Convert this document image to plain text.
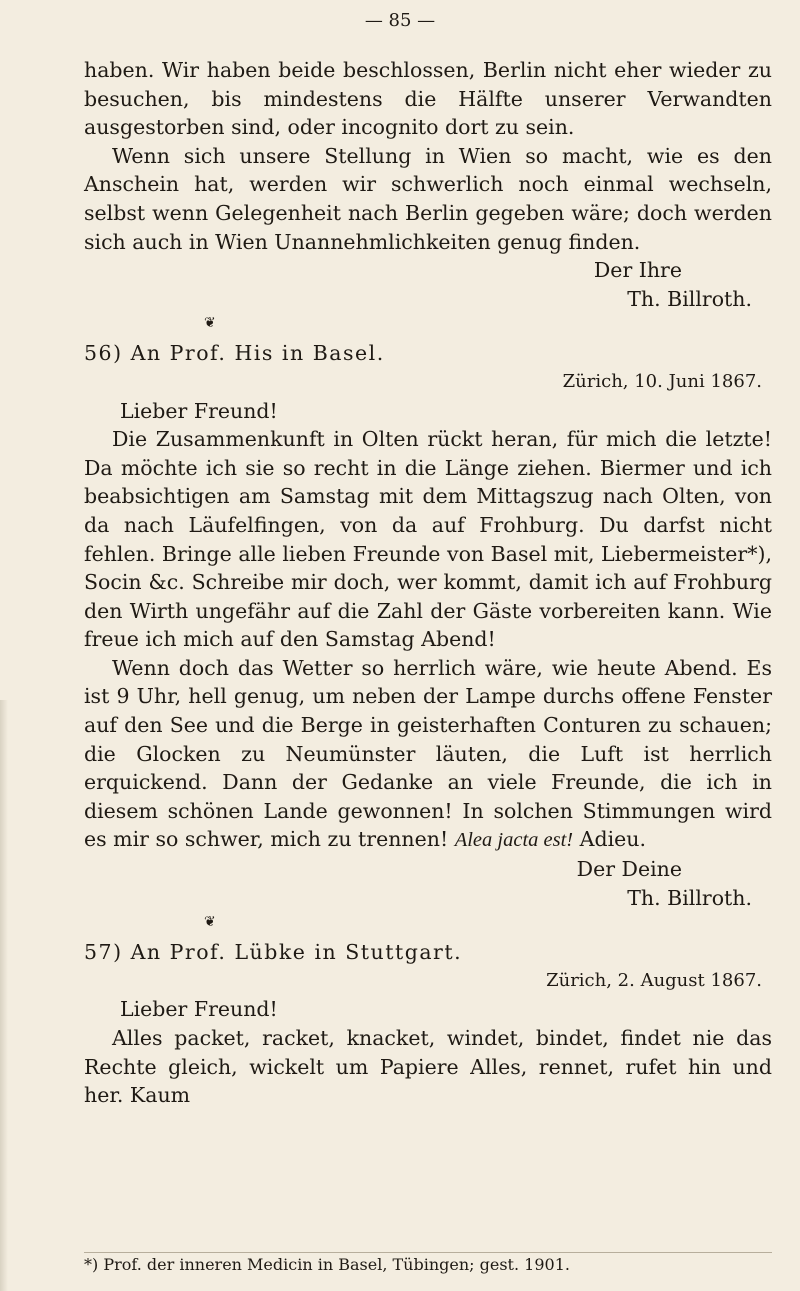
— 85 —

haben. Wir haben beide beschlossen, Berlin nicht eher wieder zu besuchen, bis mindestens die Hälfte unserer Verwandten ausgestorben sind, oder incognito dort zu sein.

Wenn sich unsere Stellung in Wien so macht, wie es den Anschein hat, werden wir schwerlich noch einmal wechseln, selbst wenn Gelegenheit nach Berlin gegeben wäre; doch werden sich auch in Wien Unannehmlichkeiten genug finden.

Der Ihre
Th. Billroth.
❦
56) An Prof. His in Basel.
Zürich, 10. Juni 1867.
Lieber Freund!

Die Zusammenkunft in Olten rückt heran, für mich die letzte! Da möchte ich sie so recht in die Länge ziehen. Biermer und ich beabsichtigen am Samstag mit dem Mittagszug nach Olten, von da nach Läufelfingen, von da auf Frohburg. Du darfst nicht fehlen. Bringe alle lieben Freunde von Basel mit, Liebermeister*), Socin &c. Schreibe mir doch, wer kommt, damit ich auf Frohburg den Wirth ungefähr auf die Zahl der Gäste vorbereiten kann. Wie freue ich mich auf den Samstag Abend!

Wenn doch das Wetter so herrlich wäre, wie heute Abend. Es ist 9 Uhr, hell genug, um neben der Lampe durchs offene Fenster auf den See und die Berge in geisterhaften Conturen zu schauen; die Glocken zu Neumünster läuten, die Luft ist herrlich erquickend. Dann der Gedanke an viele Freunde, die ich in diesem schönen Lande gewonnen! In solchen Stimmungen wird es mir so schwer, mich zu trennen! Alea jacta est! Adieu.

Der Deine
Th. Billroth.
❦
57) An Prof. Lübke in Stuttgart.
Zürich, 2. August 1867.
Lieber Freund!

Alles packet, racket, knacket, windet, bindet, findet nie das Rechte gleich, wickelt um Papiere Alles, rennet, rufet hin und her. Kaum

*) Prof. der inneren Medicin in Basel, Tübingen; gest. 1901.
